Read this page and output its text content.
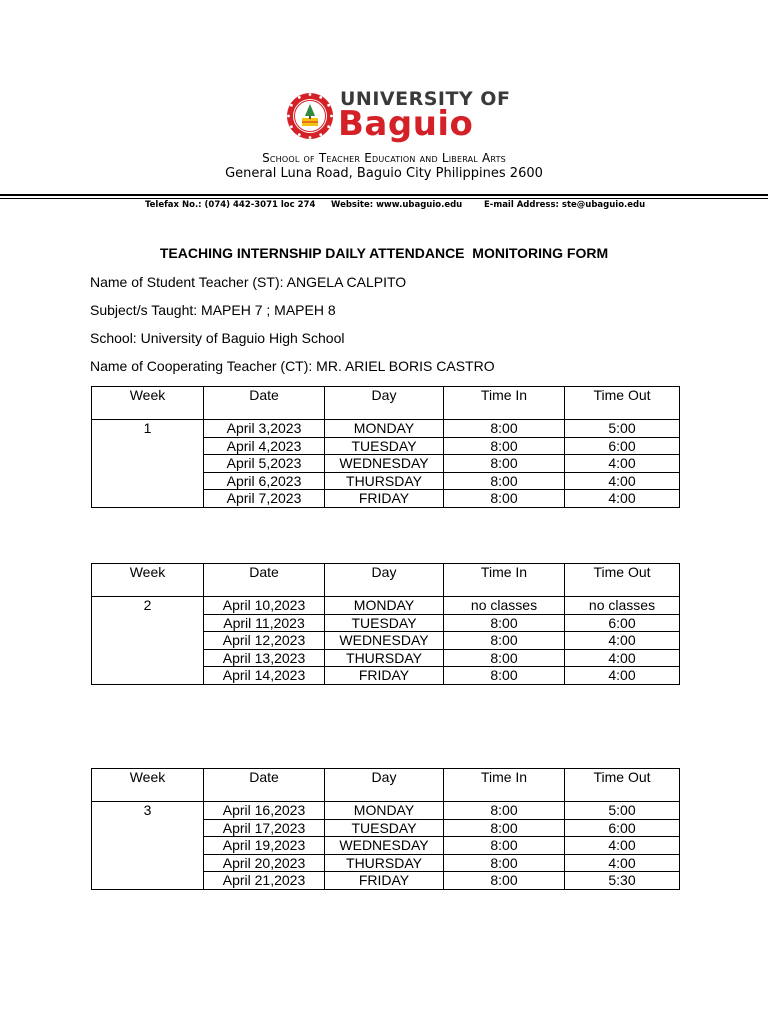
UNIVERSITY OF
Baguio
School of Teacher Education and Liberal Arts
General Luna Road, Baguio City Philippines 2600
Telefax No.: (074) 442-3071 loc 274 Website: www.ubaguio.edu	E-mail Address: ste@ubaguio.edu
TEACHING INTERNSHIP DAILY ATTENDANCE  MONITORING FORM
Name of Student Teacher (ST): ANGELA CALPITO
Subject/s Taught: MAPEH 7 ; MAPEH 8
School: University of Baguio High School
Name of Cooperating Teacher (CT): MR. ARIEL BORIS CASTRO
Week	Date	Day	Time In	Time Out
1	April 3,2023	MONDAY	8:00	5:00
	April 4,2023	TUESDAY	8:00	6:00
	April 5,2023	WEDNESDAY	8:00	4:00
	April 6,2023	THURSDAY	8:00	4:00
	April 7,2023	FRIDAY	8:00	4:00
Week	Date	Day	Time In	Time Out
2	April 10,2023	MONDAY	no classes	no classes
	April 11,2023	TUESDAY	8:00	6:00
	April 12,2023	WEDNESDAY	8:00	4:00
	April 13,2023	THURSDAY	8:00	4:00
	April 14,2023	FRIDAY	8:00	4:00
Week	Date	Day	Time In	Time Out
3	April 16,2023	MONDAY	8:00	5:00
	April 17,2023	TUESDAY	8:00	6:00
	April 19,2023	WEDNESDAY	8:00	4:00
	April 20,2023	THURSDAY	8:00	4:00
	April 21,2023	FRIDAY	8:00	5:30
